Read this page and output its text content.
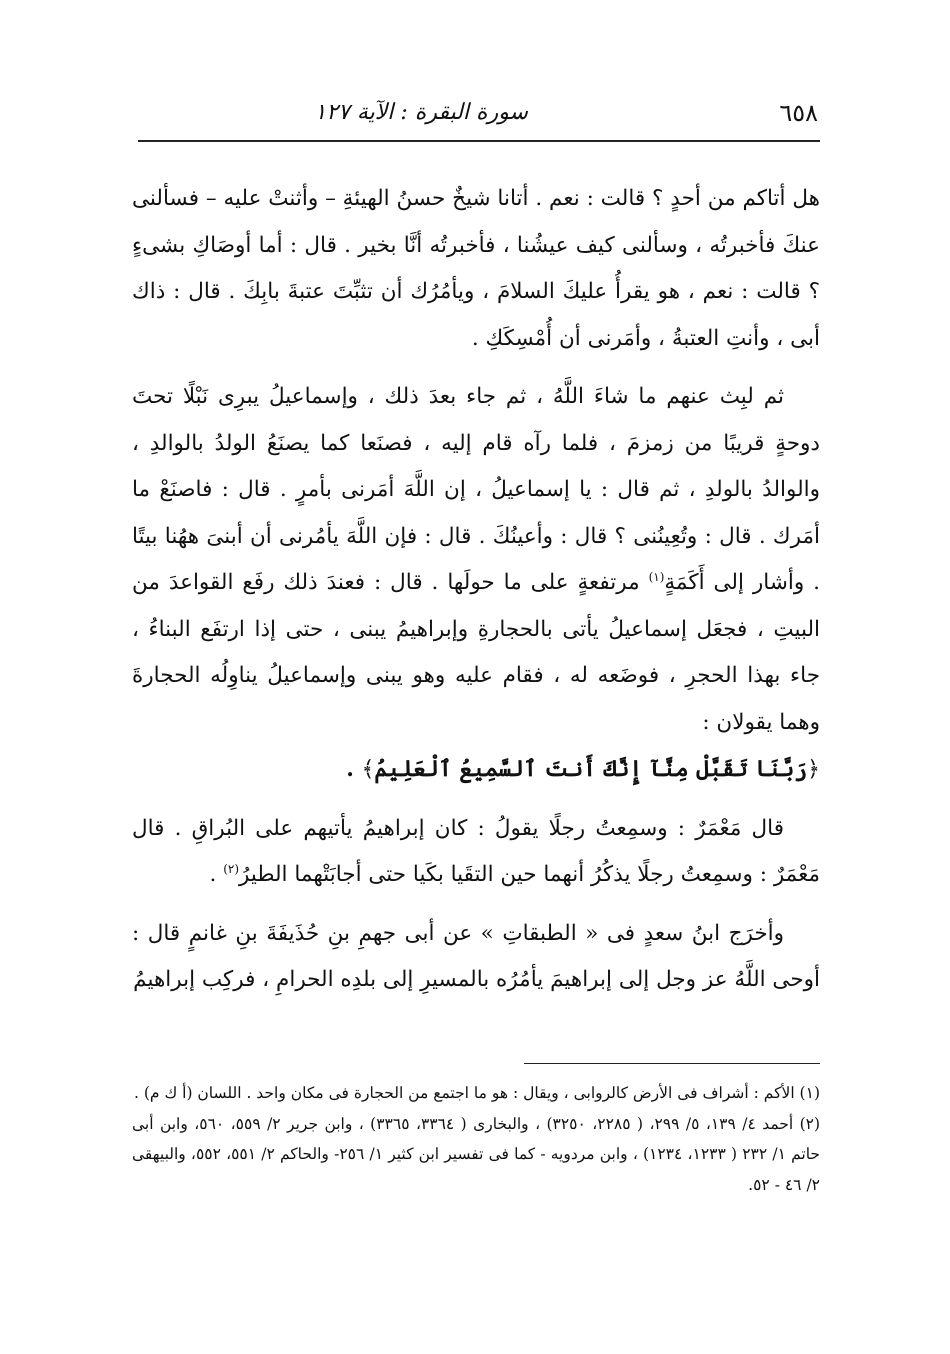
٦٥٨
سورة البقرة : الآية ١٢٧

هل أتاكم من أحدٍ ؟ قالت : نعم . أتانا شيخٌ حسنُ الهيئةِ – وأثنتْ عليه – فسألنى عنكَ فأخبرتُه ، وسألنى كيف عيشُنا ، فأخبرتُه أنَّا بخير . قال : أما أوصَاكِ بشىءٍ ؟ قالت : نعم ، هو يقرأُ عليكَ السلامَ ، ويأمُرُك أن تثبِّتَ عتبةَ بابِكَ . قال : ذاك أبى ، وأنتِ العتبةُ ، وأمَرنى أن أُمْسِكَكِ .

ثم لبِث عنهم ما شاءَ اللَّهُ ، ثم جاء بعدَ ذلك ، وإسماعيلُ يبرِى نَبْلًا تحتَ دوحةٍ قريبًا من زمزمَ ، فلما رآه قام إليه ، فصنَعا كما يصنَعُ الولدُ بالوالدِ ، والوالدُ بالولدِ ، ثم قال : يا إسماعيلُ ، إن اللَّهَ أمَرنى بأمرٍ . قال : فاصنَعْ ما أمَرك . قال : وتُعِينُنى ؟ قال : وأعينُكَ . قال : فإن اللَّهَ يأمُرنى أن أبنىَ ههُنا بيتًا . وأشار إلى أَكَمَةٍ$^{(١)}$ مرتفعةٍ على ما حولَها . قال : فعندَ ذلك رفَع القواعدَ من البيتِ ، فجعَل إسماعيلُ يأتى بالحجارةِ وإبراهيمُ يبنى ، حتى إذا ارتفَع البناءُ ، جاء بهذا الحجرِ ، فوضَعه له ، فقام عليه وهو يبنى وإسماعيلُ يناوِلُه الحجارةَ وهما يقولان :

﴿رَبَّنَا تَقَبَّلْ مِنَّآ إِنَّكَ أَنتَ ٱلسَّمِيعُ ٱلْعَلِيمُ﴾ .

قال مَعْمَرٌ : وسمِعتُ رجلًا يقولُ : كان إبراهيمُ يأتيهم على البُراقِ . قال مَعْمَرٌ : وسمِعتُ رجلًا يذكُرُ أنهما حين التقَيا بكَيا حتى أجابَتْهما الطيرُ$^{(٢)}$ .

وأخرَج ابنُ سعدٍ فى « الطبقاتِ » عن أبى جهمِ بنِ حُذَيفَةَ بنِ غانمٍ قال : أوحى اللَّهُ عز وجل إلى إبراهيمَ يأمُرُه بالمسيرِ إلى بلدِه الحرامِ ، فركِب إبراهيمُ

(١) الأكم : أشراف فى الأرض كالروابى ، ويقال : هو ما اجتمع من الحجارة فى مكان واحد . اللسان (أ ك م) .

(٢) أحمد ٤/ ١٣٩، ٥/ ٢٩٩، ( ٢٢٨٥، ٣٢٥٠) ، والبخارى ( ٣٣٦٤، ٣٣٦٥) ، وابن جرير ٢/ ٥٥٩، ٥٦٠، وابن أبى حاتم ١/ ٢٣٢ ( ١٢٣٣، ١٢٣٤) ، وابن مردويه - كما فى تفسير ابن كثير ١/ ٢٥٦- والحاكم ٢/ ٥٥١، ٥٥٢، والبيهقى ٢/ ٤٦ - ٥٢.
